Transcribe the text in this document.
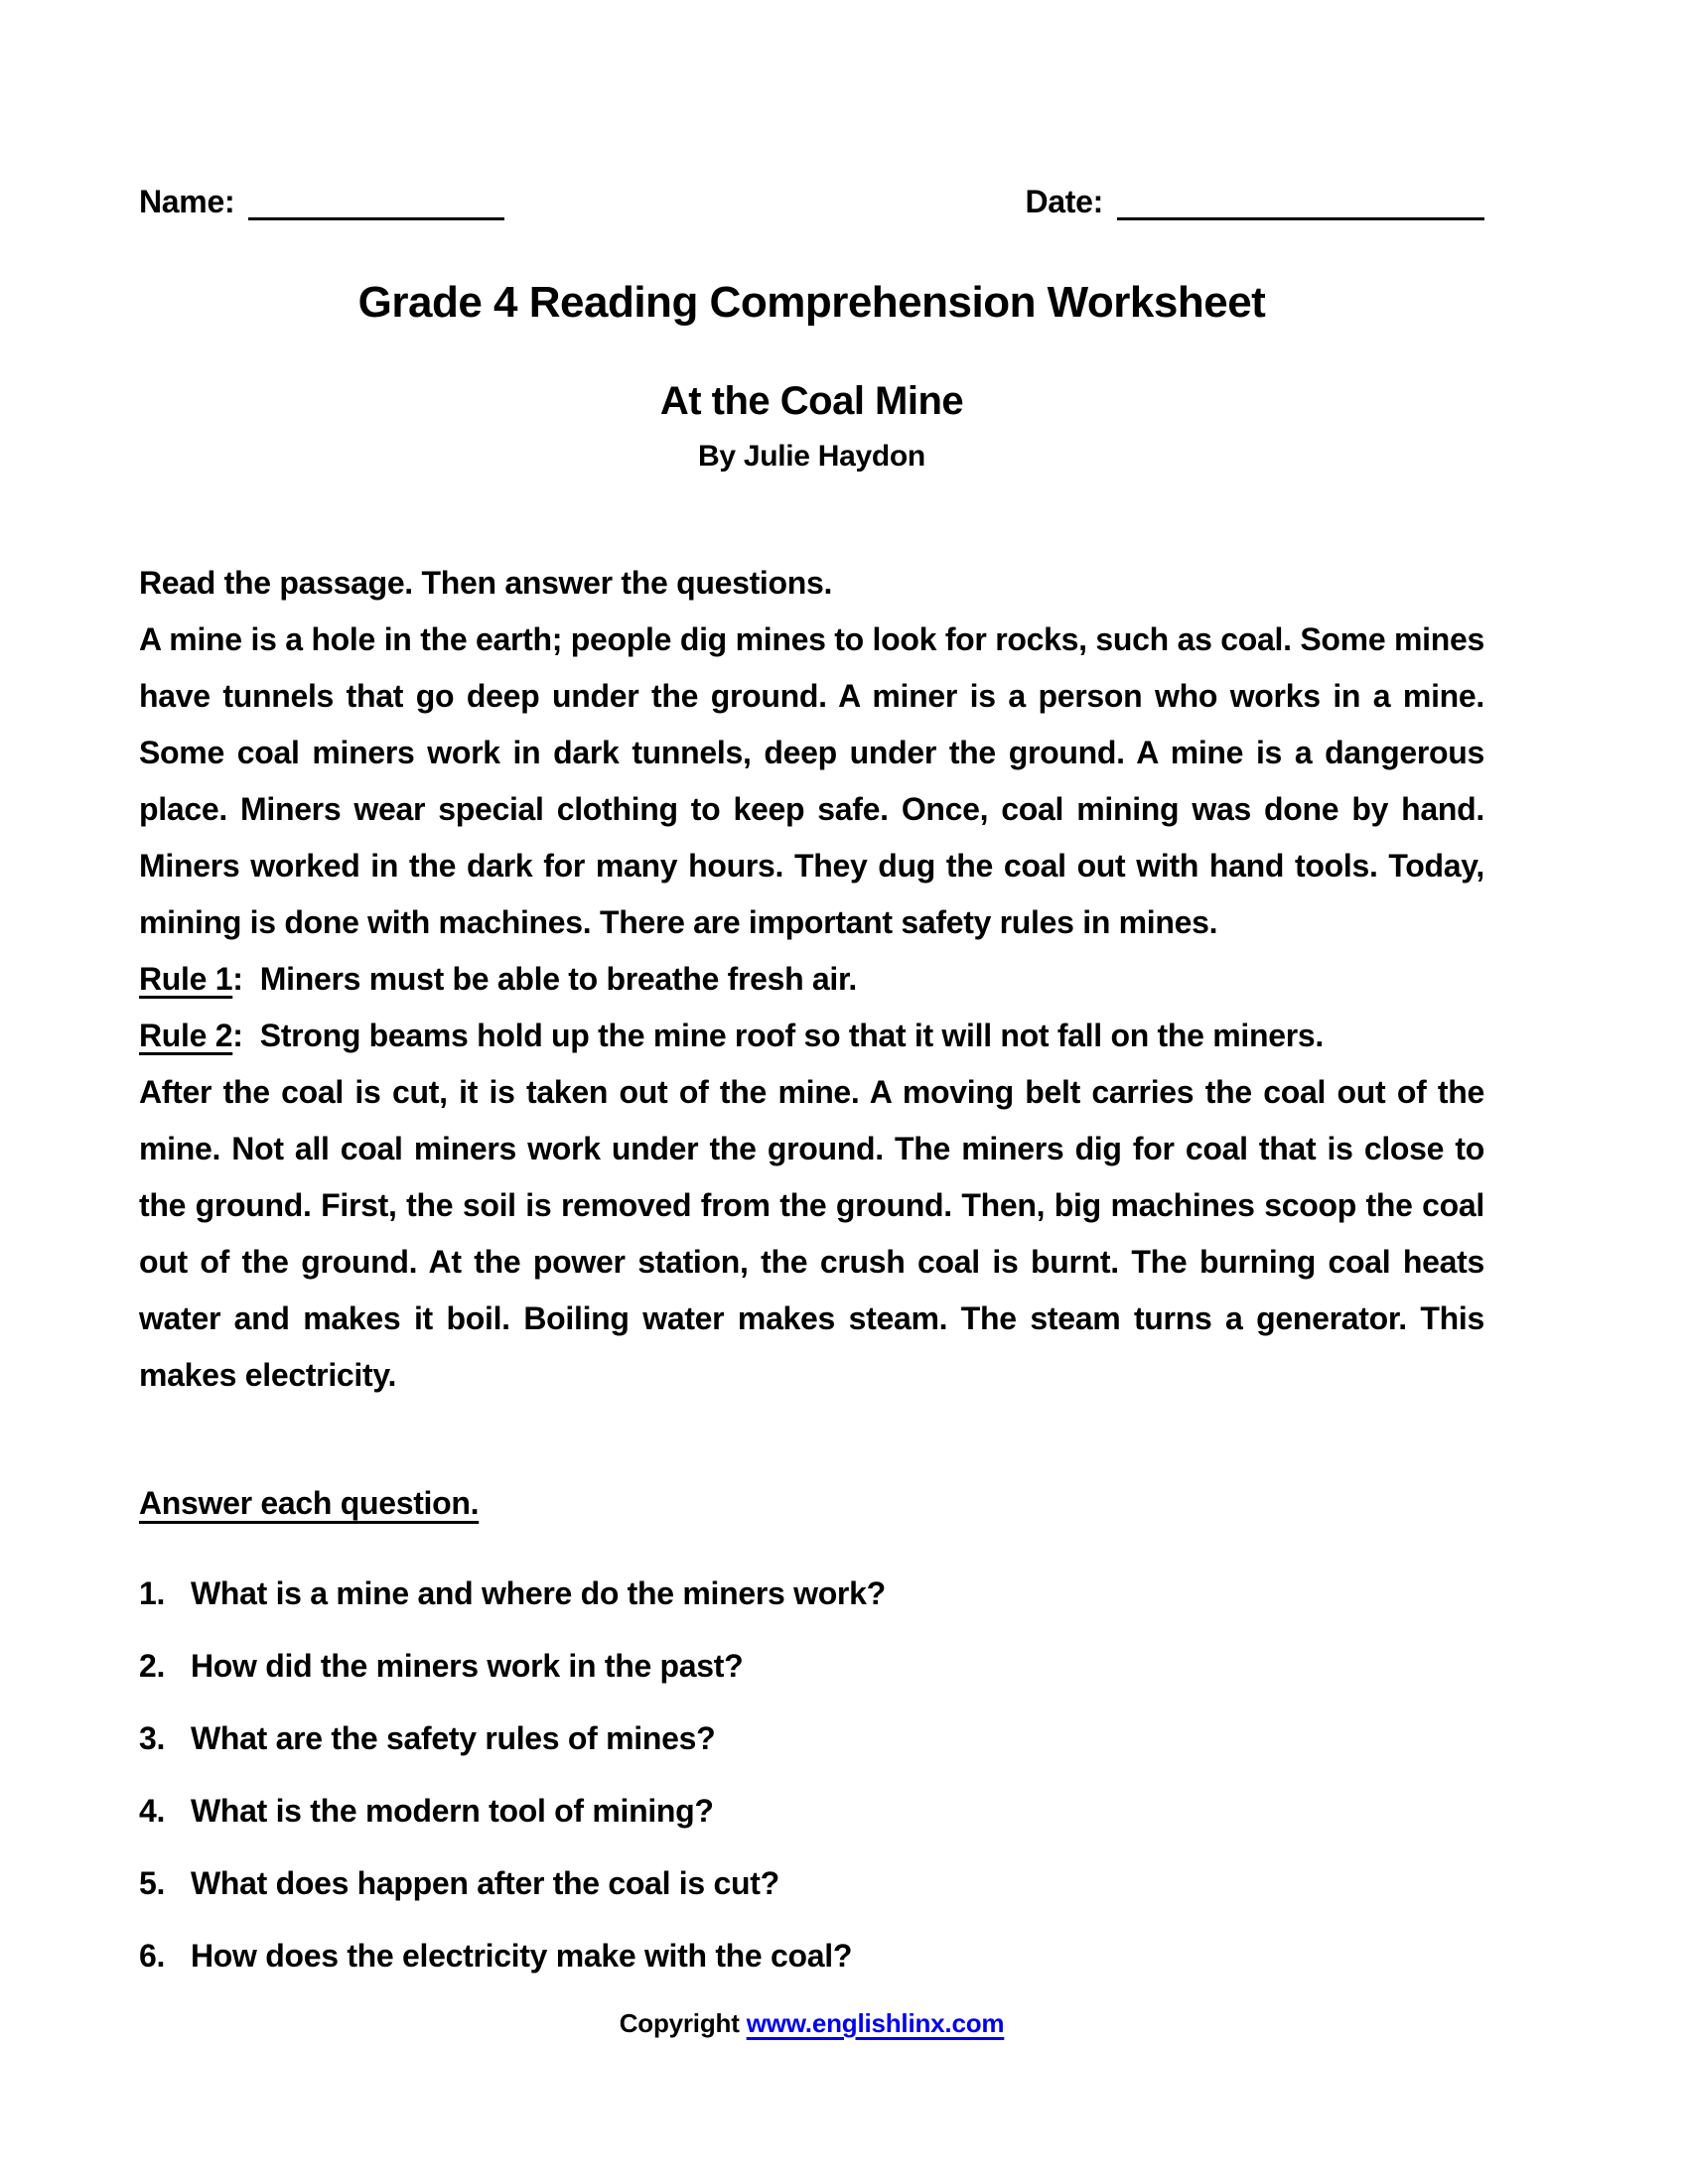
Name:	Date:
Grade 4 Reading Comprehension Worksheet
At the Coal Mine
By Julie Haydon
Read the passage. Then answer the questions.
A mine is a hole in the earth; people dig mines to look for rocks, such as coal. Some mines have tunnels that go deep under the ground. A miner is a person who works in a mine. Some coal miners work in dark tunnels, deep under the ground. A mine is a dangerous place. Miners wear special clothing to keep safe. Once, coal mining was done by hand. Miners worked in the dark for many hours. They dug the coal out with hand tools. Today, mining is done with machines. There are important safety rules in mines.
Rule 1:  Miners must be able to breathe fresh air.
Rule 2:  Strong beams hold up the mine roof so that it will not fall on the miners.
After the coal is cut, it is taken out of the mine. A moving belt carries the coal out of the mine. Not all coal miners work under the ground. The miners dig for coal that is close to the ground. First, the soil is removed from the ground. Then, big machines scoop the coal out of the ground. At the power station, the crush coal is burnt. The burning coal heats water and makes it boil. Boiling water makes steam. The steam turns a generator. This makes electricity.
Answer each question.
1. What is a mine and where do the miners work?
2. How did the miners work in the past?
3. What are the safety rules of mines?
4. What is the modern tool of mining?
5. What does happen after the coal is cut?
6. How does the electricity make with the coal?
Copyright www.englishlinx.com
